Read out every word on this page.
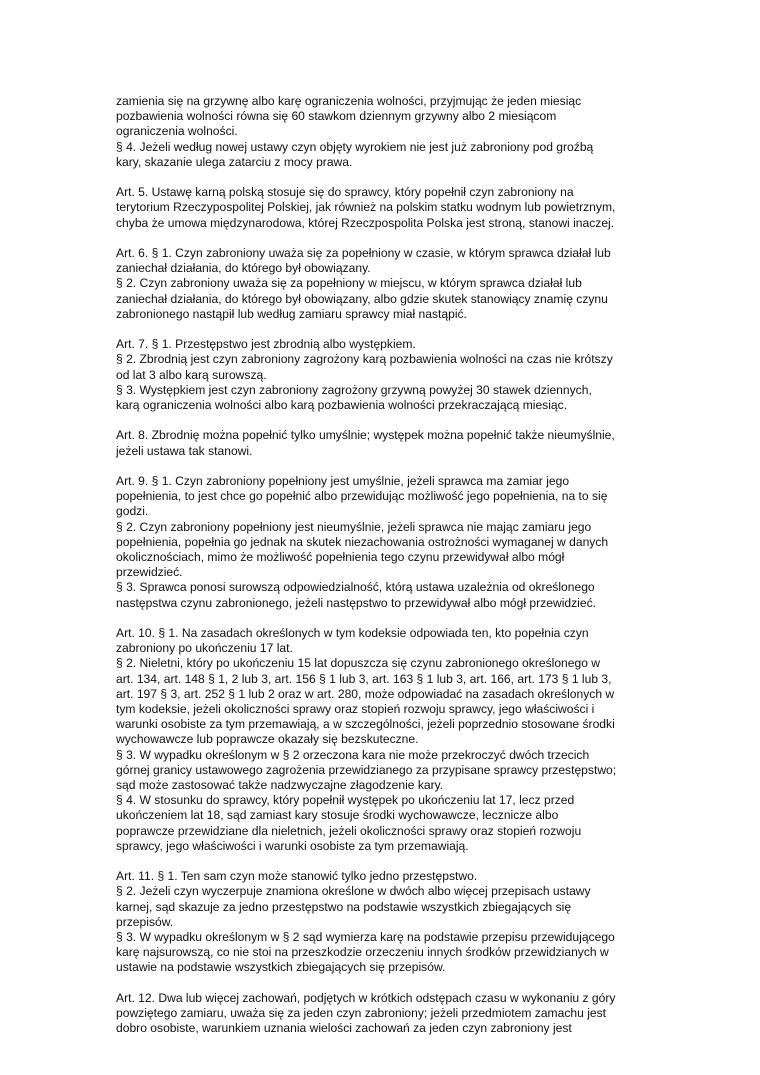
zamienia się na grzywnę albo karę ograniczenia wolności, przyjmując że jeden miesiąc
pozbawienia wolności równa się 60 stawkom dziennym grzywny albo 2 miesiącom
ograniczenia wolności.
§ 4. Jeżeli według nowej ustawy czyn objęty wyrokiem nie jest już zabroniony pod groźbą
kary, skazanie ulega zatarciu z mocy prawa.
Art. 5. Ustawę karną polską stosuje się do sprawcy, który popełnił czyn zabroniony na
terytorium Rzeczypospolitej Polskiej, jak również na polskim statku wodnym lub powietrznym,
chyba że umowa międzynarodowa, której Rzeczpospolita Polska jest stroną, stanowi inaczej.
Art. 6. § 1. Czyn zabroniony uważa się za popełniony w czasie, w którym sprawca działał lub
zaniechał działania, do którego był obowiązany.
§ 2. Czyn zabroniony uważa się za popełniony w miejscu, w którym sprawca działał lub
zaniechał działania, do którego był obowiązany, albo gdzie skutek stanowiący znamię czynu
zabronionego nastąpił lub według zamiaru sprawcy miał nastąpić.
Art. 7. § 1. Przestępstwo jest zbrodnią albo występkiem.
§ 2. Zbrodnią jest czyn zabroniony zagrożony karą pozbawienia wolności na czas nie krótszy
od lat 3 albo karą surowszą.
§ 3. Występkiem jest czyn zabroniony zagrożony grzywną powyżej 30 stawek dziennych,
karą ograniczenia wolności albo karą pozbawienia wolności przekraczającą miesiąc.
Art. 8. Zbrodnię można popełnić tylko umyślnie; występek można popełnić także nieumyślnie,
jeżeli ustawa tak stanowi.
Art. 9. § 1. Czyn zabroniony popełniony jest umyślnie, jeżeli sprawca ma zamiar jego
popełnienia, to jest chce go popełnić albo przewidując możliwość jego popełnienia, na to się
godzi.
§ 2. Czyn zabroniony popełniony jest nieumyślnie, jeżeli sprawca nie mając zamiaru jego
popełnienia, popełnia go jednak na skutek niezachowania ostrożności wymaganej w danych
okolicznościach, mimo że możliwość popełnienia tego czynu przewidywał albo mógł
przewidzieć.
§ 3. Sprawca ponosi surowszą odpowiedzialność, którą ustawa uzależnia od określonego
następstwa czynu zabronionego, jeżeli następstwo to przewidywał albo mógł przewidzieć.
Art. 10. § 1. Na zasadach określonych w tym kodeksie odpowiada ten, kto popełnia czyn
zabroniony po ukończeniu 17 lat.
§ 2. Nieletni, który po ukończeniu 15 lat dopuszcza się czynu zabronionego określonego w
art. 134, art. 148 § 1, 2 lub 3, art. 156 § 1 lub 3, art. 163 § 1 lub 3, art. 166, art. 173 § 1 lub 3,
art. 197 § 3, art. 252 § 1 lub 2 oraz w art. 280, może odpowiadać na zasadach określonych w
tym kodeksie, jeżeli okoliczności sprawy oraz stopień rozwoju sprawcy, jego właściwości i
warunki osobiste za tym przemawiają, a w szczególności, jeżeli poprzednio stosowane środki
wychowawcze lub poprawcze okazały się bezskuteczne.
§ 3. W wypadku określonym w § 2 orzeczona kara nie może przekroczyć dwóch trzecich
górnej granicy ustawowego zagrożenia przewidzianego za przypisane sprawcy przestępstwo;
sąd może zastosować także nadzwyczajne złagodzenie kary.
§ 4. W stosunku do sprawcy, który popełnił występek po ukończeniu lat 17, lecz przed
ukończeniem lat 18, sąd zamiast kary stosuje środki wychowawcze, lecznicze albo
poprawcze przewidziane dla nieletnich, jeżeli okoliczności sprawy oraz stopień rozwoju
sprawcy, jego właściwości i warunki osobiste za tym przemawiają.
Art. 11. § 1. Ten sam czyn może stanowić tylko jedno przestępstwo.
§ 2. Jeżeli czyn wyczerpuje znamiona określone w dwóch albo więcej przepisach ustawy
karnej, sąd skazuje za jedno przestępstwo na podstawie wszystkich zbiegających się
przepisów.
§ 3. W wypadku określonym w § 2 sąd wymierza karę na podstawie przepisu przewidującego
karę najsurowszą, co nie stoi na przeszkodzie orzeczeniu innych środków przewidzianych w
ustawie na podstawie wszystkich zbiegających się przepisów.
Art. 12. Dwa lub więcej zachowań, podjętych w krótkich odstępach czasu w wykonaniu z góry
powziętego zamiaru, uważa się za jeden czyn zabroniony; jeżeli przedmiotem zamachu jest
dobro osobiste, warunkiem uznania wielości zachowań za jeden czyn zabroniony jest
